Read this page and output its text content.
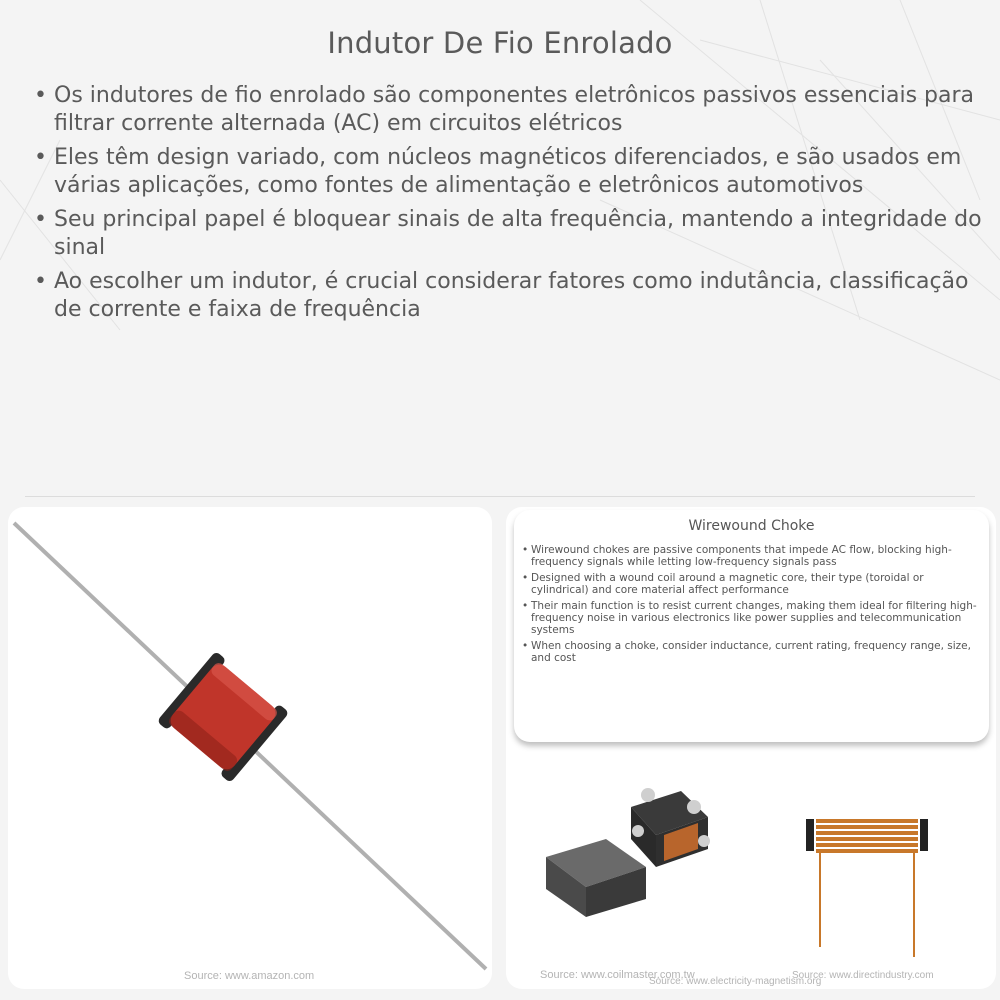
Indutor De Fio Enrolado
• Os indutores de fio enrolado são componentes eletrônicos passivos essenciais para filtrar corrente alternada (AC) em circuitos elétricos
• Eles têm design variado, com núcleos magnéticos diferenciados, e são usados em várias aplicações, como fontes de alimentação e eletrônicos automotivos
• Seu principal papel é bloquear sinais de alta frequência, mantendo a integridade do sinal
• Ao escolher um indutor, é crucial considerar fatores como indutância, classificação de corrente e faixa de frequência
Source: www.amazon.com	Source: www.coilmaster.com.tw
Source: www.electricity-magnetism.org
Source: www.directindustry.com
Wirewound Choke
• Wirewound chokes are passive components that impede AC flow, blocking high-frequency signals while letting low-frequency signals pass
• Designed with a wound coil around a magnetic core, their type (toroidal or cylindrical) and core material affect performance
• Their main function is to resist current changes, making them ideal for filtering high-frequency noise in various electronics like power supplies and telecommunication systems
• When choosing a choke, consider inductance, current rating, frequency range, size, and cost
